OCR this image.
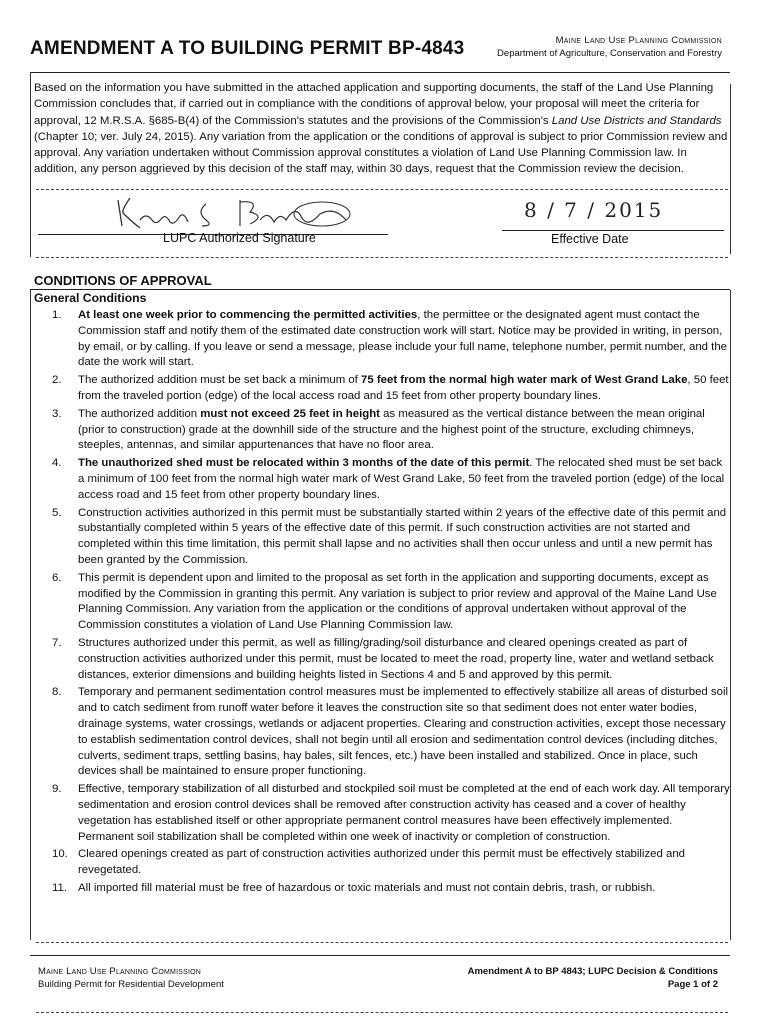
AMENDMENT A TO BUILDING PERMIT BP-4843	Maine Land Use Planning Commission
Department of Agriculture, Conservation and Forestry
Based on the information you have submitted in the attached application and supporting documents, the staff of the Land Use Planning Commission concludes that, if carried out in compliance with the conditions of approval below, your proposal will meet the criteria for approval, 12 M.R.S.A. §685-B(4) of the Commission's statutes and the provisions of the Commission's Land Use Districts and Standards (Chapter 10; ver. July 24, 2015). Any variation from the application or the conditions of approval is subject to prior Commission review and approval. Any variation undertaken without Commission approval constitutes a violation of Land Use Planning Commission law. In addition, any person aggrieved by this decision of the staff may, within 30 days, request that the Commission review the decision.
LUPC Authorized Signature
8 / 7 / 2015
Effective Date
CONDITIONS OF APPROVAL
General Conditions
1.	At least one week prior to commencing the permitted activities, the permittee or the designated agent must contact the Commission staff and notify them of the estimated date construction work will start. Notice may be provided in writing, in person, by email, or by calling. If you leave or send a message, please include your full name, telephone number, permit number, and the date the work will start.
2.	The authorized addition must be set back a minimum of 75 feet from the normal high water mark of West Grand Lake, 50 feet from the traveled portion (edge) of the local access road and 15 feet from other property boundary lines.
3.	The authorized addition must not exceed 25 feet in height as measured as the vertical distance between the mean original (prior to construction) grade at the downhill side of the structure and the highest point of the structure, excluding chimneys, steeples, antennas, and similar appurtenances that have no floor area.
4.	The unauthorized shed must be relocated within 3 months of the date of this permit. The relocated shed must be set back a minimum of 100 feet from the normal high water mark of West Grand Lake, 50 feet from the traveled portion (edge) of the local access road and 15 feet from other property boundary lines.
5.	Construction activities authorized in this permit must be substantially started within 2 years of the effective date of this permit and substantially completed within 5 years of the effective date of this permit. If such construction activities are not started and completed within this time limitation, this permit shall lapse and no activities shall then occur unless and until a new permit has been granted by the Commission.
6.	This permit is dependent upon and limited to the proposal as set forth in the application and supporting documents, except as modified by the Commission in granting this permit. Any variation is subject to prior review and approval of the Maine Land Use Planning Commission. Any variation from the application or the conditions of approval undertaken without approval of the Commission constitutes a violation of Land Use Planning Commission law.
7.	Structures authorized under this permit, as well as filling/grading/soil disturbance and cleared openings created as part of construction activities authorized under this permit, must be located to meet the road, property line, water and wetland setback distances, exterior dimensions and building heights listed in Sections 4 and 5 and approved by this permit.
8.	Temporary and permanent sedimentation control measures must be implemented to effectively stabilize all areas of disturbed soil and to catch sediment from runoff water before it leaves the construction site so that sediment does not enter water bodies, drainage systems, water crossings, wetlands or adjacent properties. Clearing and construction activities, except those necessary to establish sedimentation control devices, shall not begin until all erosion and sedimentation control devices (including ditches, culverts, sediment traps, settling basins, hay bales, silt fences, etc.) have been installed and stabilized. Once in place, such devices shall be maintained to ensure proper functioning.
9.	Effective, temporary stabilization of all disturbed and stockpiled soil must be completed at the end of each work day. All temporary sedimentation and erosion control devices shall be removed after construction activity has ceased and a cover of healthy vegetation has established itself or other appropriate permanent control measures have been effectively implemented. Permanent soil stabilization shall be completed within one week of inactivity or completion of construction.
10. Cleared openings created as part of construction activities authorized under this permit must be effectively stabilized and revegetated.
11. All imported fill material must be free of hazardous or toxic materials and must not contain debris, trash, or rubbish.
Maine Land Use Planning Commission
Building Permit for Residential Development
Amendment A to BP 4843; LUPC Decision & Conditions
Page 1 of 2
